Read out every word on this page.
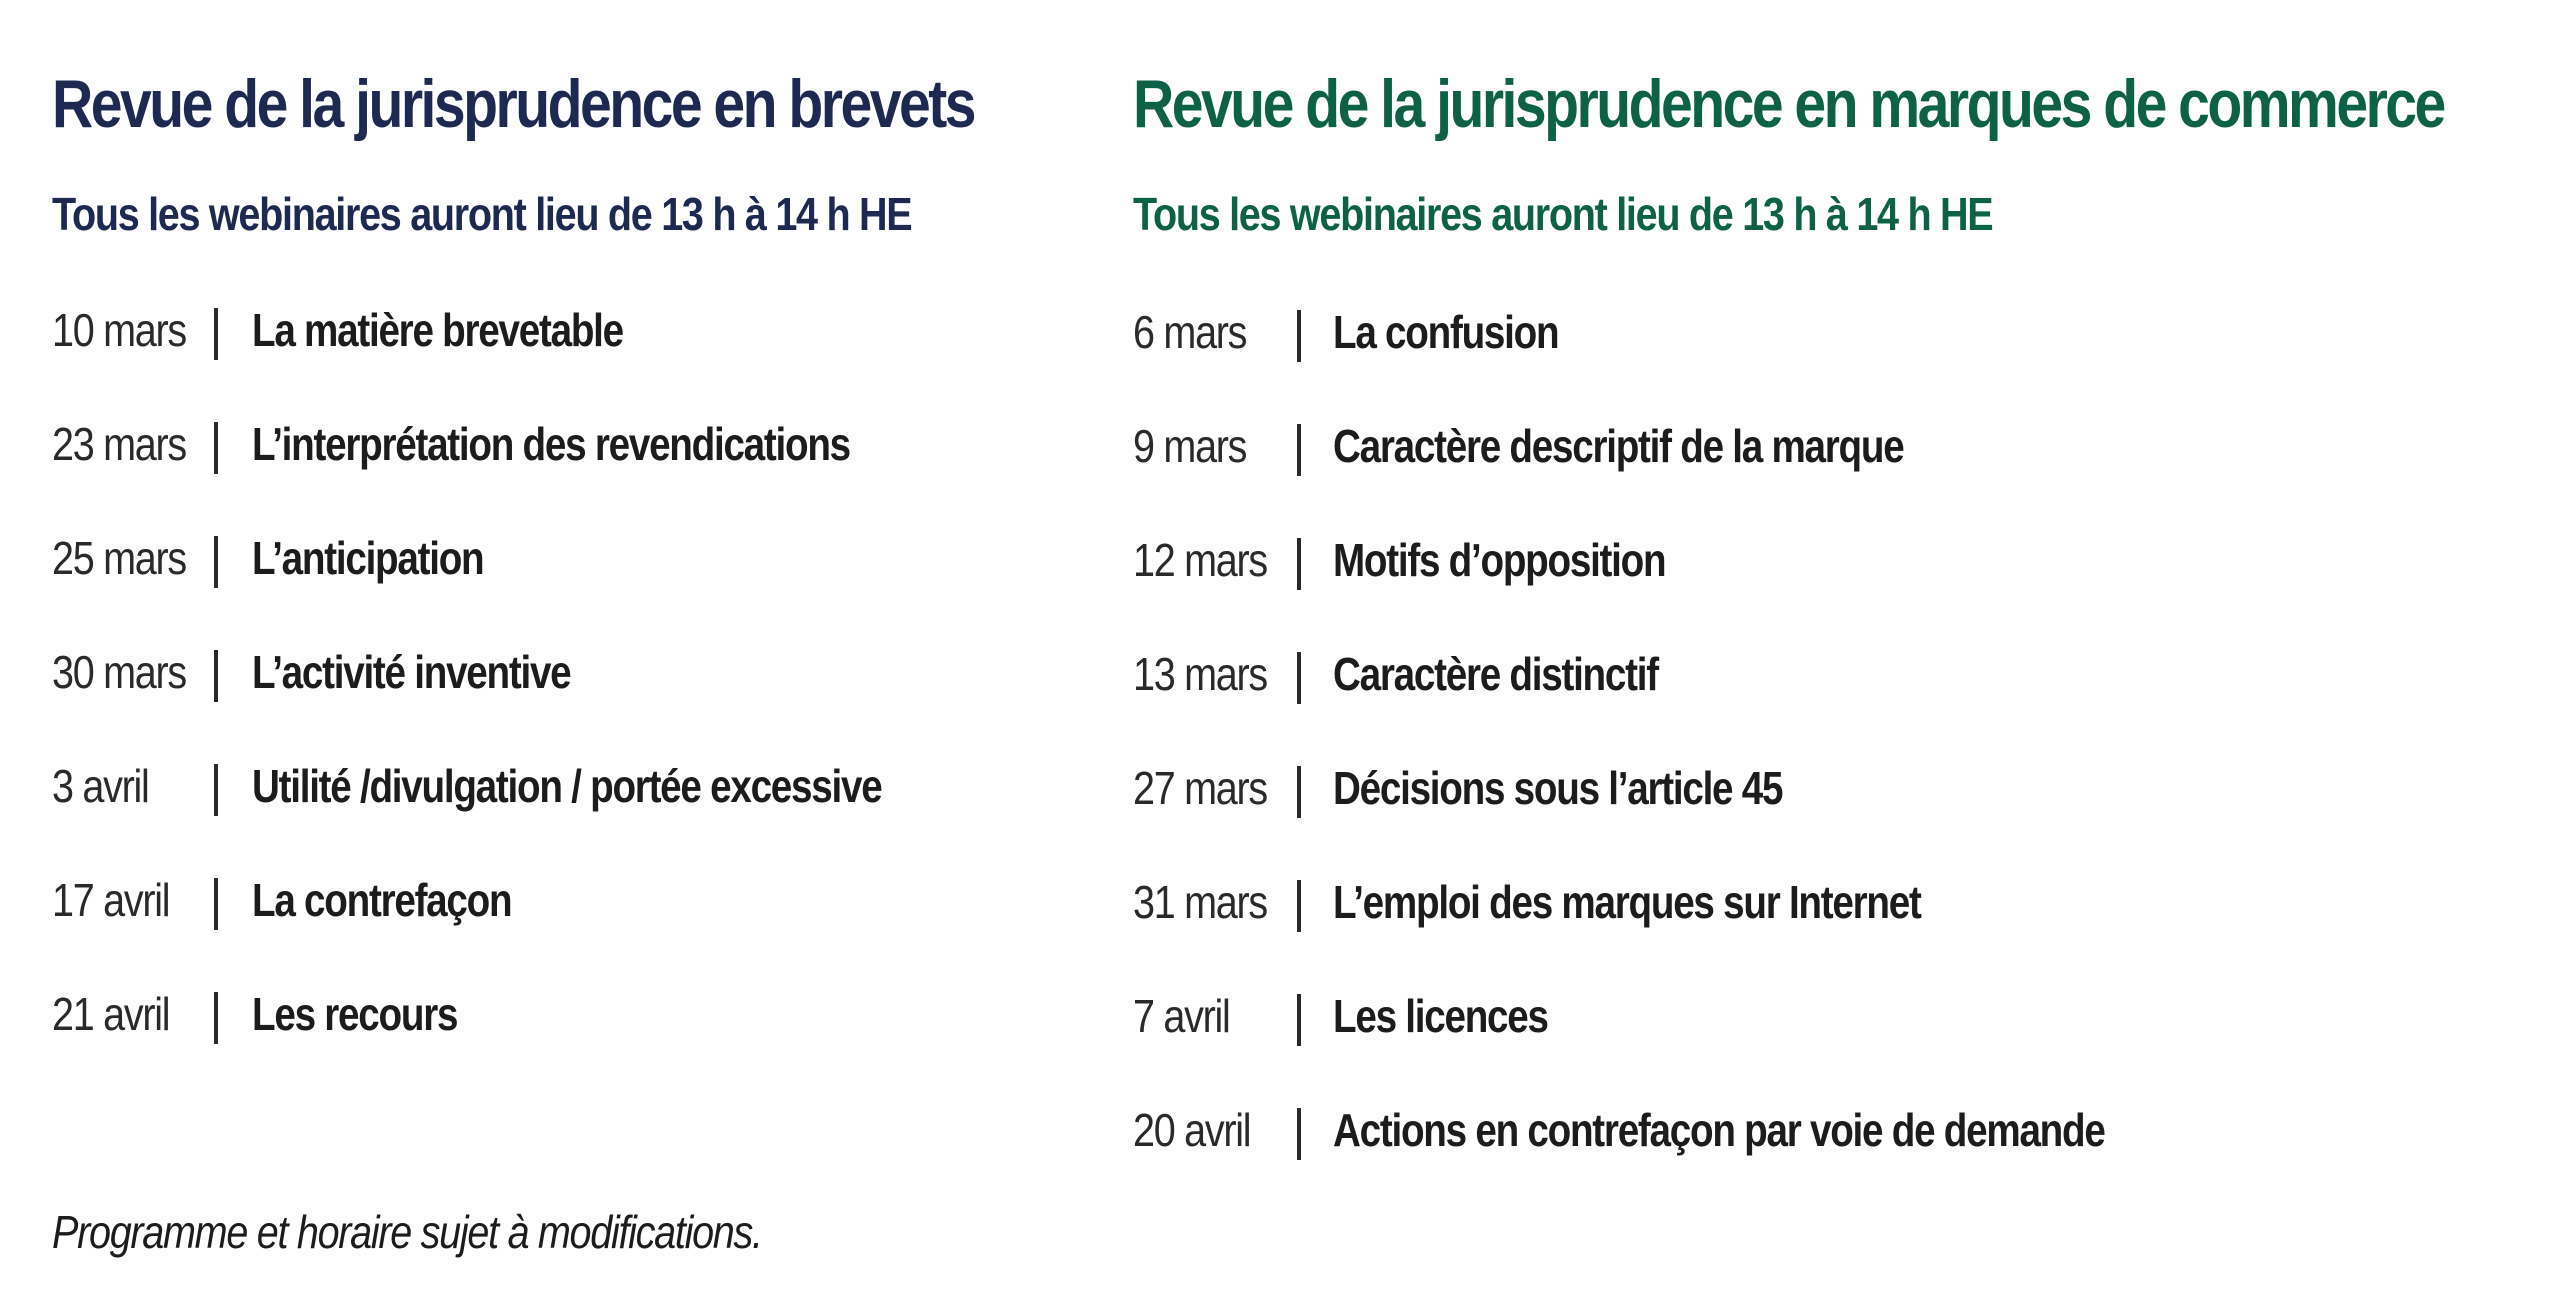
Revue de la jurisprudence en brevets
Tous les webinaires auront lieu de 13 h à 14 h HE
10 mars La matière brevetable
23 mars L’interprétation des revendications
25 mars L’anticipation
30 mars L’activité inventive
3 avril Utilité /divulgation / portée excessive
17 avril La contrefaçon
21 avril Les recours
Revue de la jurisprudence en marques de commerce
Tous les webinaires auront lieu de 13 h à 14 h HE
6 mars La confusion
9 mars Caractère descriptif de la marque
12 mars Motifs d’opposition
13 mars Caractère distinctif
27 mars Décisions sous l’article 45
31 mars L’emploi des marques sur Internet
7 avril Les licences
20 avril Actions en contrefaçon par voie de demande

Programme et horaire sujet à modifications.
